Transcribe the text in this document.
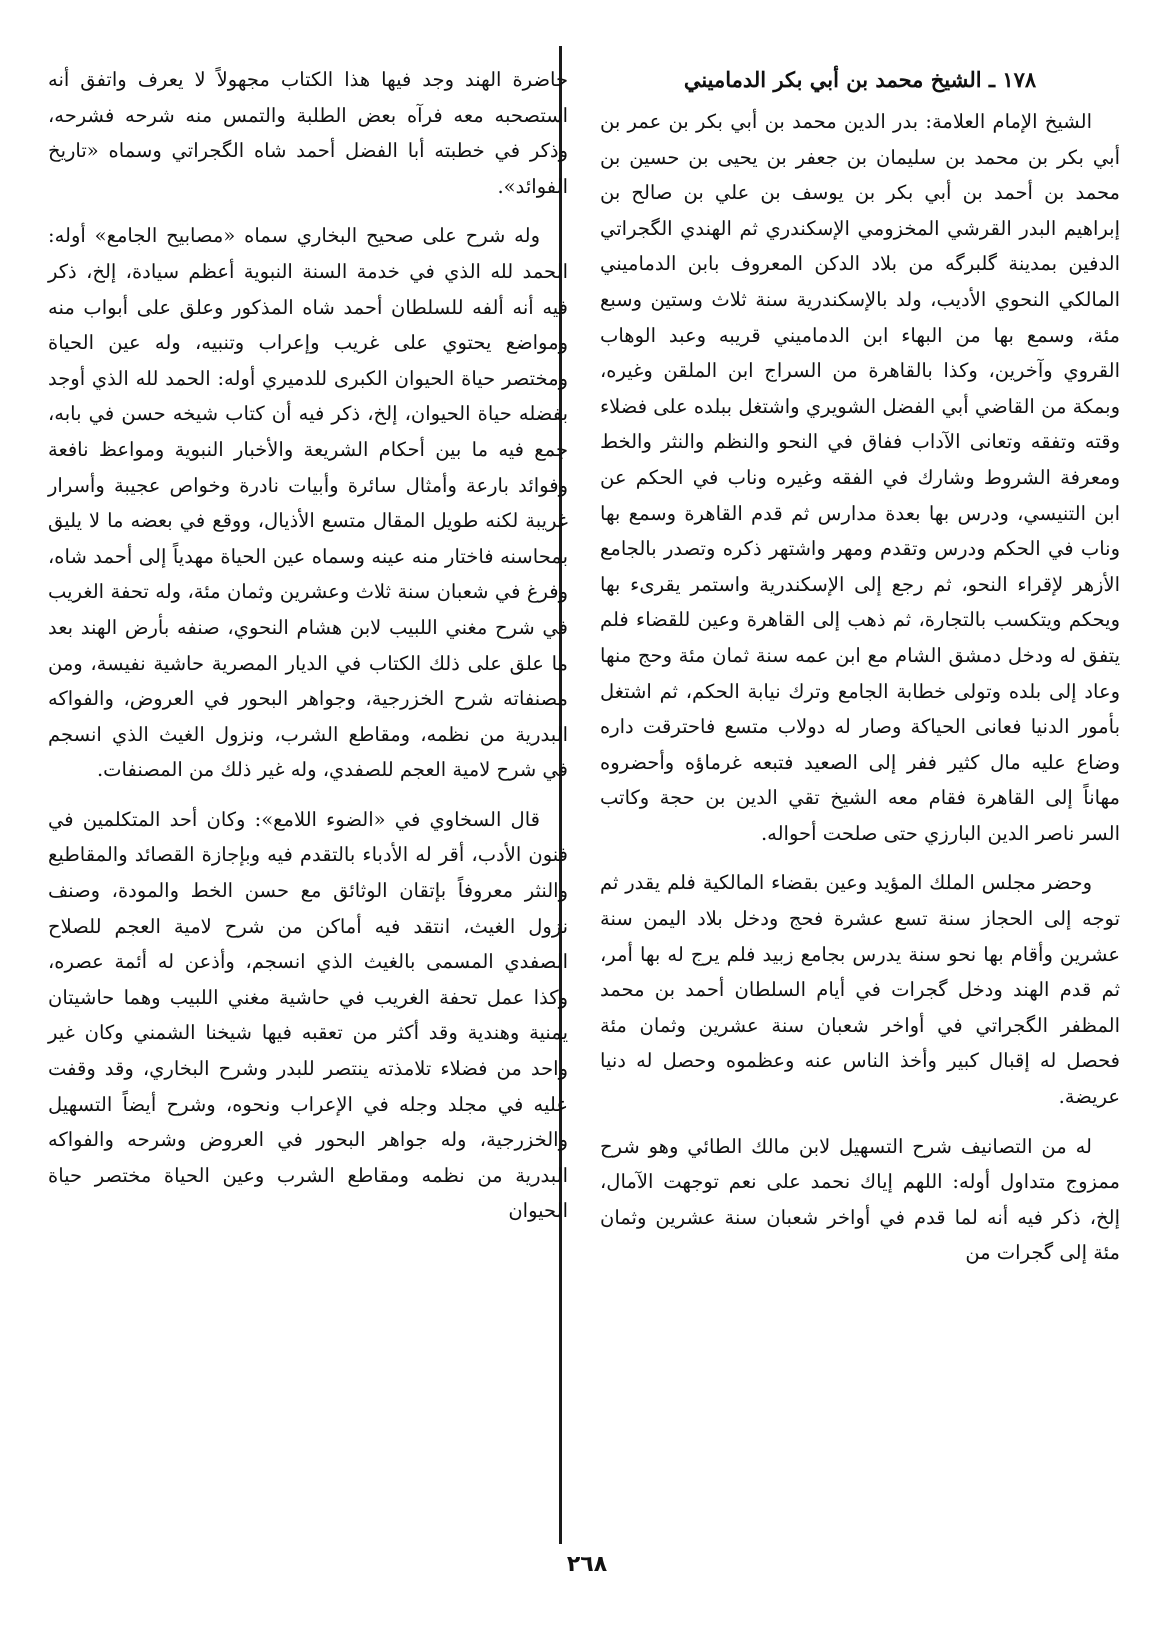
١٧٨ ـ الشيخ محمد بن أبي بكر الدماميني

الشيخ الإمام العلامة: بدر الدين محمد بن أبي بكر بن عمر بن أبي بكر بن محمد بن سليمان بن جعفر بن يحيى بن حسين بن محمد بن أحمد بن أبي بكر بن يوسف بن علي بن صالح بن إبراهيم البدر القرشي المخزومي الإسكندري ثم الهندي الگجراتي الدفين بمدينة گلبرگه من بلاد الدكن المعروف بابن الدماميني المالكي النحوي الأديب، ولد بالإسكندرية سنة ثلاث وستين وسبع مئة، وسمع بها من البهاء ابن الدماميني قريبه وعبد الوهاب القروي وآخرين، وكذا بالقاهرة من السراج ابن الملقن وغيره، وبمكة من القاضي أبي الفضل الشويري واشتغل ببلده على فضلاء وقته وتفقه وتعانى الآداب ففاق في النحو والنظم والنثر والخط ومعرفة الشروط وشارك في الفقه وغيره وناب في الحكم عن ابن التنيسي، ودرس بها بعدة مدارس ثم قدم القاهرة وسمع بها وناب في الحكم ودرس وتقدم ومهر واشتهر ذكره وتصدر بالجامع الأزهر لإقراء النحو، ثم رجع إلى الإسكندرية واستمر يقرىء بها ويحكم ويتكسب بالتجارة، ثم ذهب إلى القاهرة وعين للقضاء فلم يتفق له ودخل دمشق الشام مع ابن عمه سنة ثمان مئة وحج منها وعاد إلى بلده وتولى خطابة الجامع وترك نيابة الحكم، ثم اشتغل بأمور الدنيا فعانى الحياكة وصار له دولاب متسع فاحترقت داره وضاع عليه مال كثير ففر إلى الصعيد فتبعه غرماؤه وأحضروه مهاناً إلى القاهرة فقام معه الشيخ تقي الدين بن حجة وكاتب السر ناصر الدين البارزي حتى صلحت أحواله.

وحضر مجلس الملك المؤيد وعين بقضاء المالكية فلم يقدر ثم توجه إلى الحجاز سنة تسع عشرة فحج ودخل بلاد اليمن سنة عشرين وأقام بها نحو سنة يدرس بجامع زبيد فلم يرج له بها أمر، ثم قدم الهند ودخل گجرات في أيام السلطان أحمد بن محمد المظفر الگجراتي في أواخر شعبان سنة عشرين وثمان مئة فحصل له إقبال كبير وأخذ الناس عنه وعظموه وحصل له دنيا عريضة.

له من التصانيف شرح التسهيل لابن مالك الطائي وهو شرح ممزوج متداول أوله: اللهم إياك نحمد على نعم توجهت الآمال، إلخ، ذكر فيه أنه لما قدم في أواخر شعبان سنة عشرين وثمان مئة إلى گجرات من

حاضرة الهند وجد فيها هذا الكتاب مجهولاً لا يعرف واتفق أنه استصحبه معه فرآه بعض الطلبة والتمس منه شرحه فشرحه، وذكر في خطبته أبا الفضل أحمد شاه الگجراتي وسماه «تاريخ الفوائد».

وله شرح على صحيح البخاري سماه «مصابيح الجامع» أوله: الحمد لله الذي في خدمة السنة النبوية أعظم سيادة، إلخ، ذكر فيه أنه ألفه للسلطان أحمد شاه المذكور وعلق على أبواب منه ومواضع يحتوي على غريب وإعراب وتنبيه، وله عين الحياة ومختصر حياة الحيوان الكبرى للدميري أوله: الحمد لله الذي أوجد بفضله حياة الحيوان، إلخ، ذكر فيه أن كتاب شيخه حسن في بابه، جمع فيه ما بين أحكام الشريعة والأخبار النبوية ومواعظ نافعة وفوائد بارعة وأمثال سائرة وأبيات نادرة وخواص عجيبة وأسرار غريبة لكنه طويل المقال متسع الأذيال، ووقع في بعضه ما لا يليق بمحاسنه فاختار منه عينه وسماه عين الحياة مهدياً إلى أحمد شاه، وفرغ في شعبان سنة ثلاث وعشرين وثمان مئة، وله تحفة الغريب في شرح مغني اللبيب لابن هشام النحوي، صنفه بأرض الهند بعد ما علق على ذلك الكتاب في الديار المصرية حاشية نفيسة، ومن مصنفاته شرح الخزرجية، وجواهر البحور في العروض، والفواكه البدرية من نظمه، ومقاطع الشرب، ونزول الغيث الذي انسجم في شرح لامية العجم للصفدي، وله غير ذلك من المصنفات.

قال السخاوي في «الضوء اللامع»: وكان أحد المتكلمين في فنون الأدب، أقر له الأدباء بالتقدم فيه وبإجازة القصائد والمقاطيع والنثر معروفاً بإتقان الوثائق مع حسن الخط والمودة، وصنف نزول الغيث، انتقد فيه أماكن من شرح لامية العجم للصلاح الصفدي المسمى بالغيث الذي انسجم، وأذعن له أئمة عصره، وكذا عمل تحفة الغريب في حاشية مغني اللبيب وهما حاشيتان يمنية وهندية وقد أكثر من تعقبه فيها شيخنا الشمني وكان غير واحد من فضلاء تلامذته ينتصر للبدر وشرح البخاري، وقد وقفت عليه في مجلد وجله في الإعراب ونحوه، وشرح أيضاً التسهيل والخزرجية، وله جواهر البحور في العروض وشرحه والفواكه البدرية من نظمه ومقاطع الشرب وعين الحياة مختصر حياة الحيوان

٢٦٨
